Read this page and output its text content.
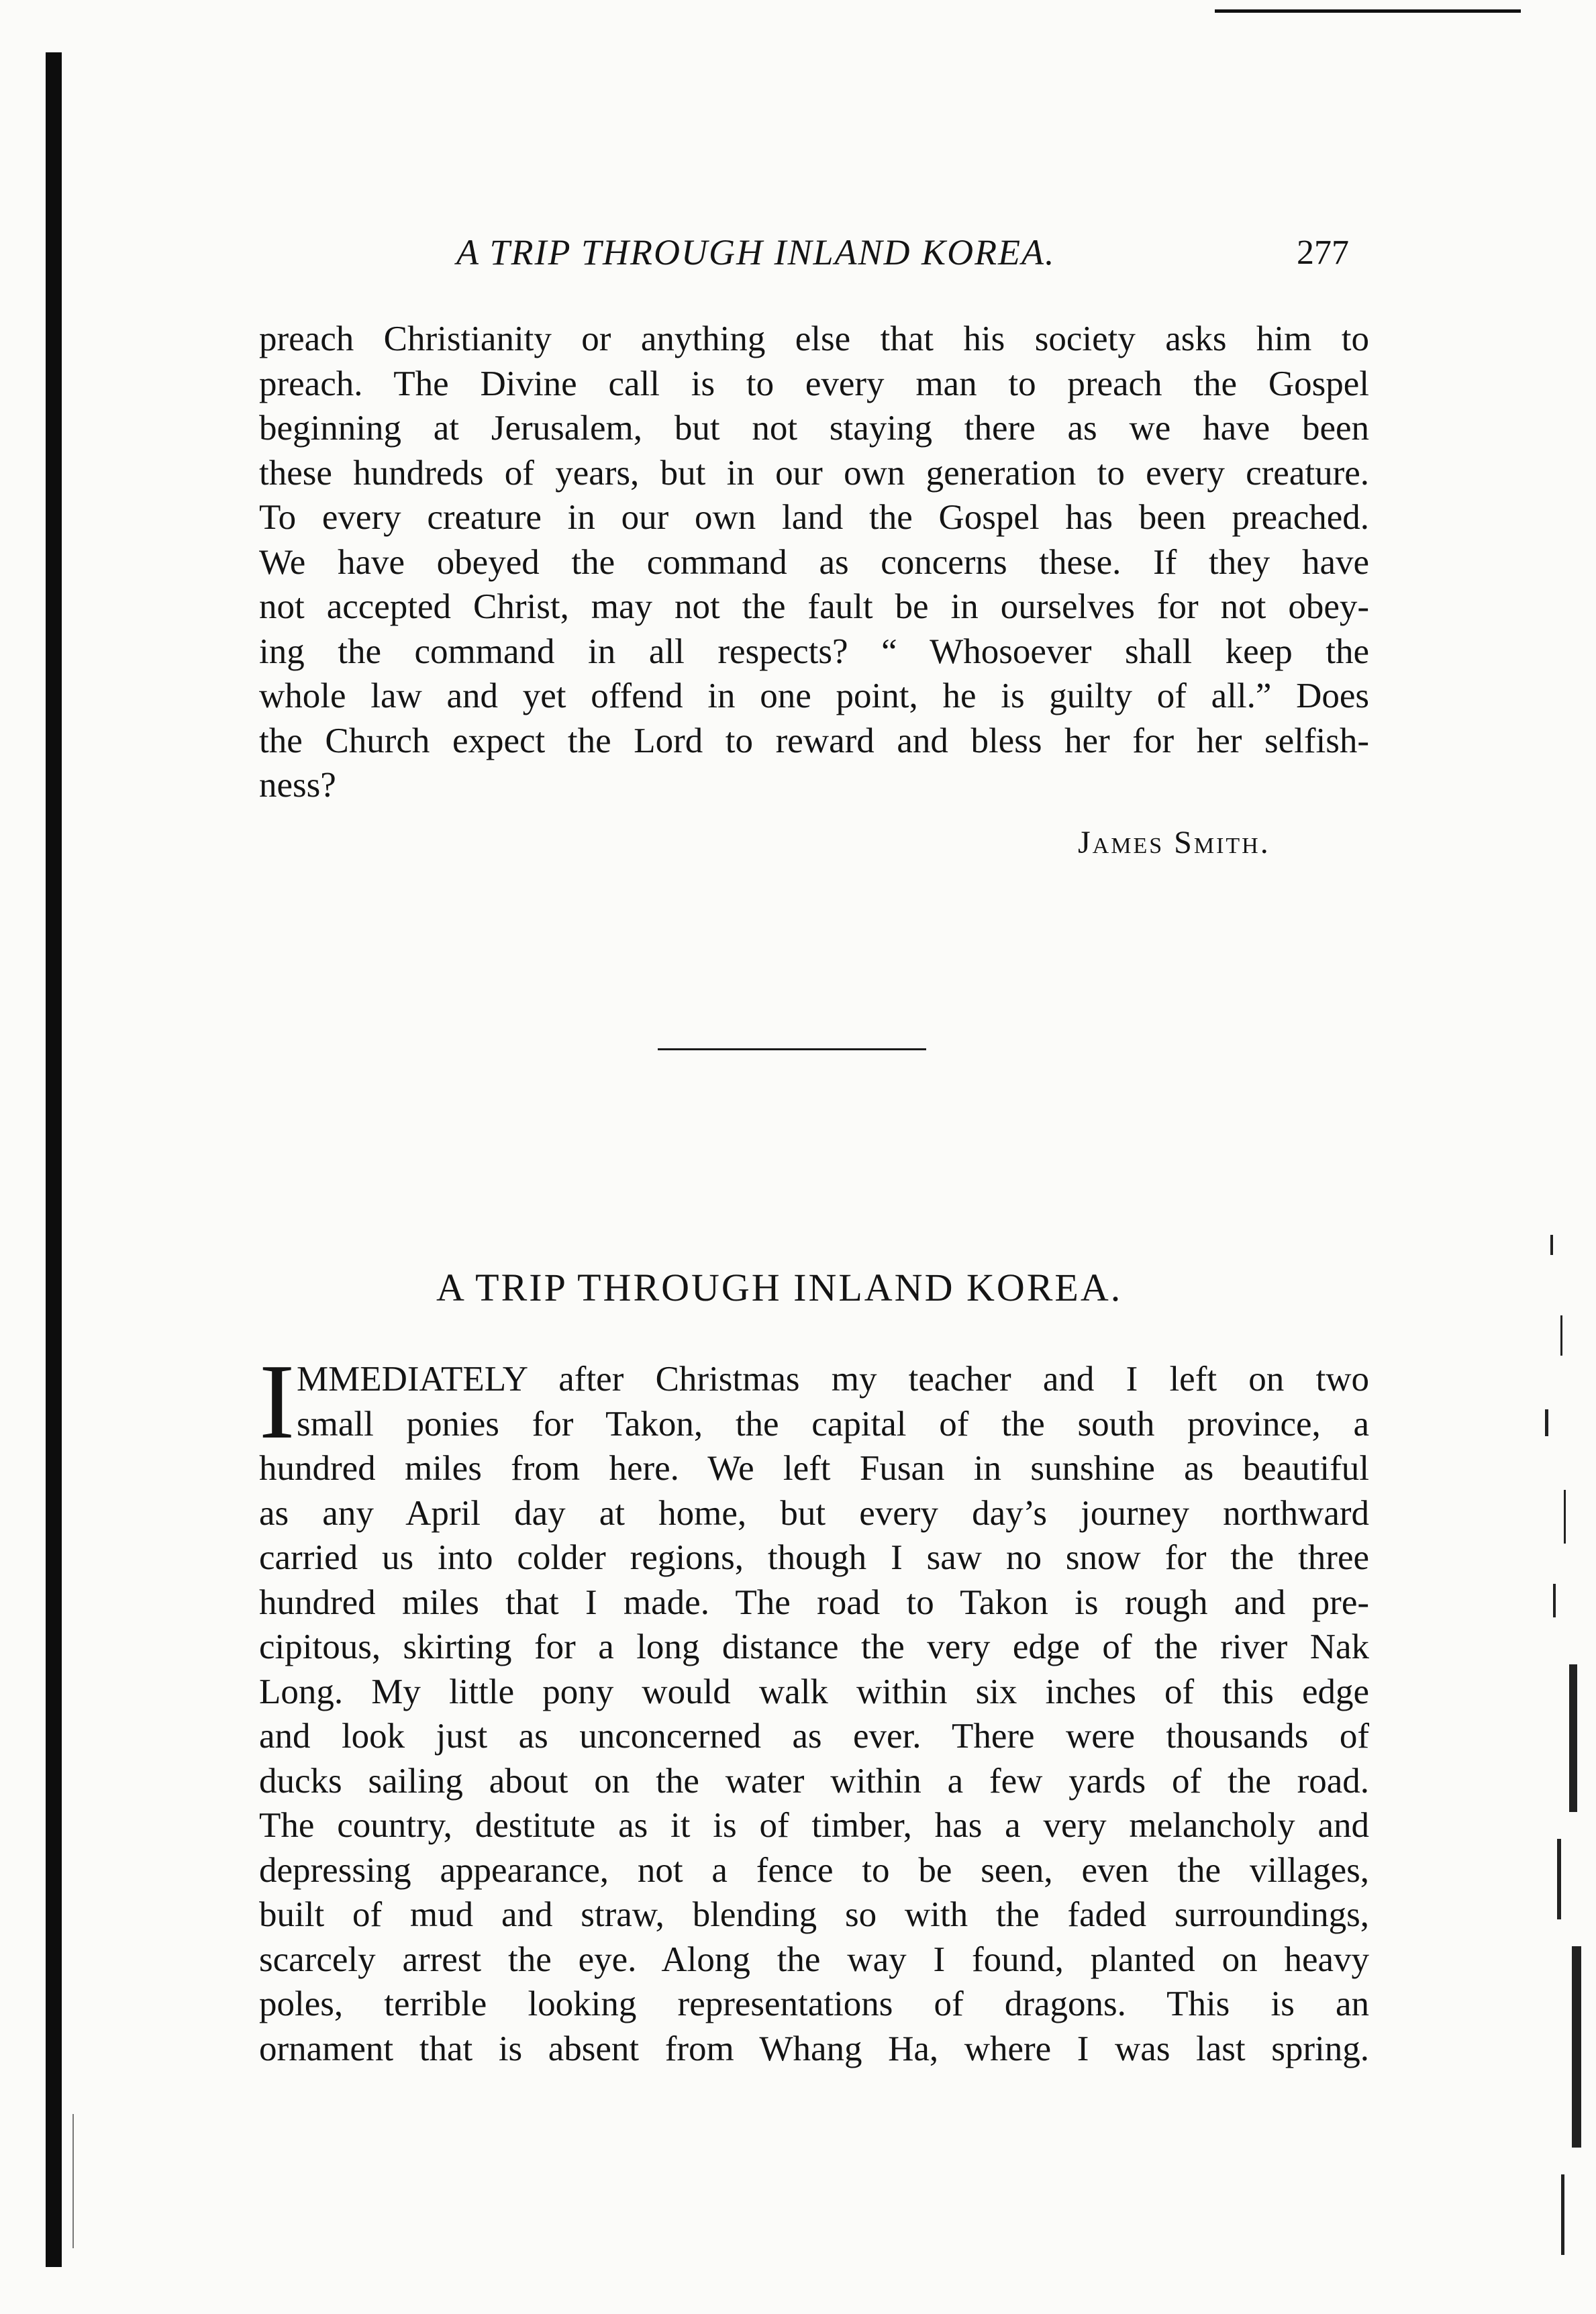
A TRIP THROUGH INLAND KOREA.	277
preach Christianity or anything else that his society asks him to
preach. The Divine call is to every man to preach the Gospel
beginning at Jerusalem, but not staying there as we have been
these hundreds of years, but in our own generation to every creature.
To every creature in our own land the Gospel has been preached.
We have obeyed the command as concerns these. If they have
not accepted Christ, may not the fault be in ourselves for not obey-
ing the command in all respects? “ Whosoever shall keep the
whole law and yet offend in one point, he is guilty of all.” Does
the Church expect the Lord to reward and bless her for her selfish-
ness?
James Smith.
A TRIP THROUGH INLAND KOREA.
I MMEDIATELY after Christmas my teacher and I left on two
small ponies for Takon, the capital of the south province, a
hundred miles from here. We left Fusan in sunshine as beautiful
as any April day at home, but every day’s journey northward
carried us into colder regions, though I saw no snow for the three
hundred miles that I made. The road to Takon is rough and pre-
cipitous, skirting for a long distance the very edge of the river Nak
Long. My little pony would walk within six inches of this edge
and look just as unconcerned as ever. There were thousands of
ducks sailing about on the water within a few yards of the road.
The country, destitute as it is of timber, has a very melancholy and
depressing appearance, not a fence to be seen, even the villages,
built of mud and straw, blending so with the faded surroundings,
scarcely arrest the eye. Along the way I found, planted on heavy
poles, terrible looking representations of dragons. This is an
ornament that is absent from Whang Ha, where I was last spring.
